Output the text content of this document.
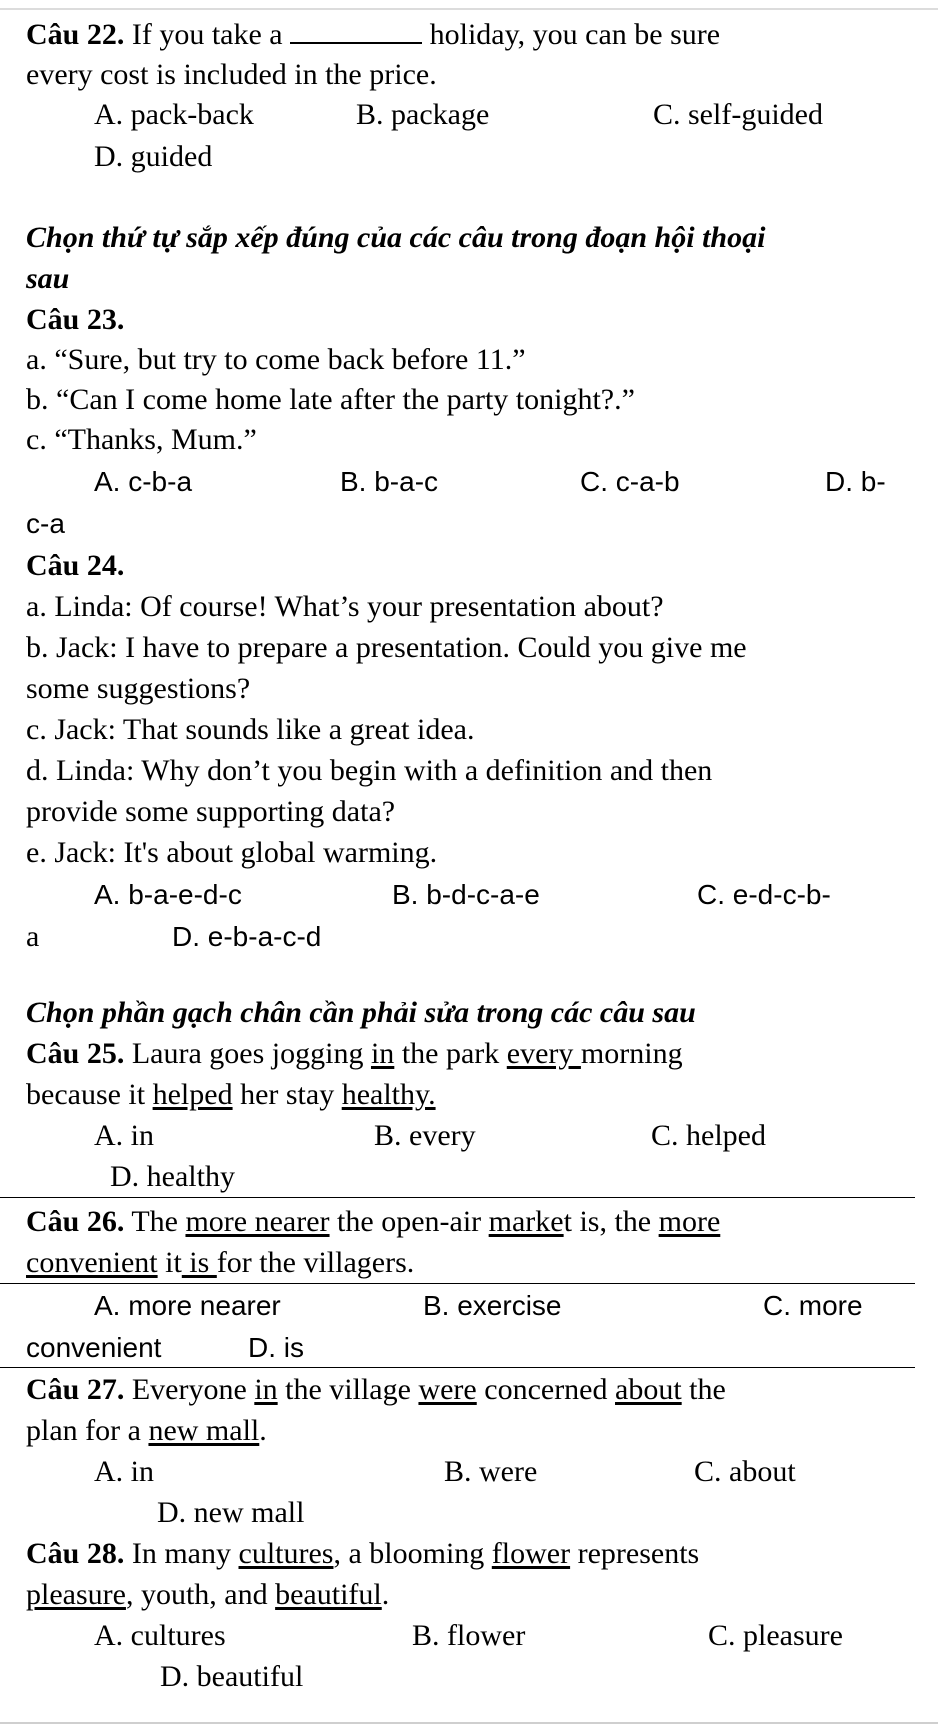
Câu 22. If you take a	holiday, you can be sure
every cost is included in the price.
A. pack-back	B. package	C. self-guided
D. guided
Chọn thứ tự sắp xếp đúng của các câu trong đoạn hội thoại
sau
Câu 23.
a. “Sure, but try to come back before 11.”
b. “Can I come home late after the party tonight?.”
c. “Thanks, Mum.”
A. c-b-a	B. b-a-c	C. c-a-b	D. b-
c-a
Câu 24.
a. Linda: Of course! What’s your presentation about?
b. Jack: I have to prepare a presentation. Could you give me
some suggestions?
c. Jack: That sounds like a great idea.
d. Linda: Why don’t you begin with a definition and then
provide some supporting data?
e. Jack: It's about global warming.
A. b-a-e-d-c	B. b-d-c-a-e	C. e-d-c-b-
a	D. e-b-a-c-d
Chọn phần gạch chân cần phải sửa trong các câu sau
Câu 25. Laura goes jogging in the park every morning
because it helped her stay healthy.
A. in	B. every	C. helped
D. healthy
Câu 26. The more nearer the open-air market is, the more
convenient it is for the villagers.
A. more nearer	B. exercise	C. more
convenient	D. is
Câu 27. Everyone in the village were concerned about the
plan for a new mall.
A. in	B. were	C. about
D. new mall
Câu 28. In many cultures, a blooming flower represents
pleasure, youth, and beautiful.
A. cultures	B. flower	C. pleasure
D. beautiful
